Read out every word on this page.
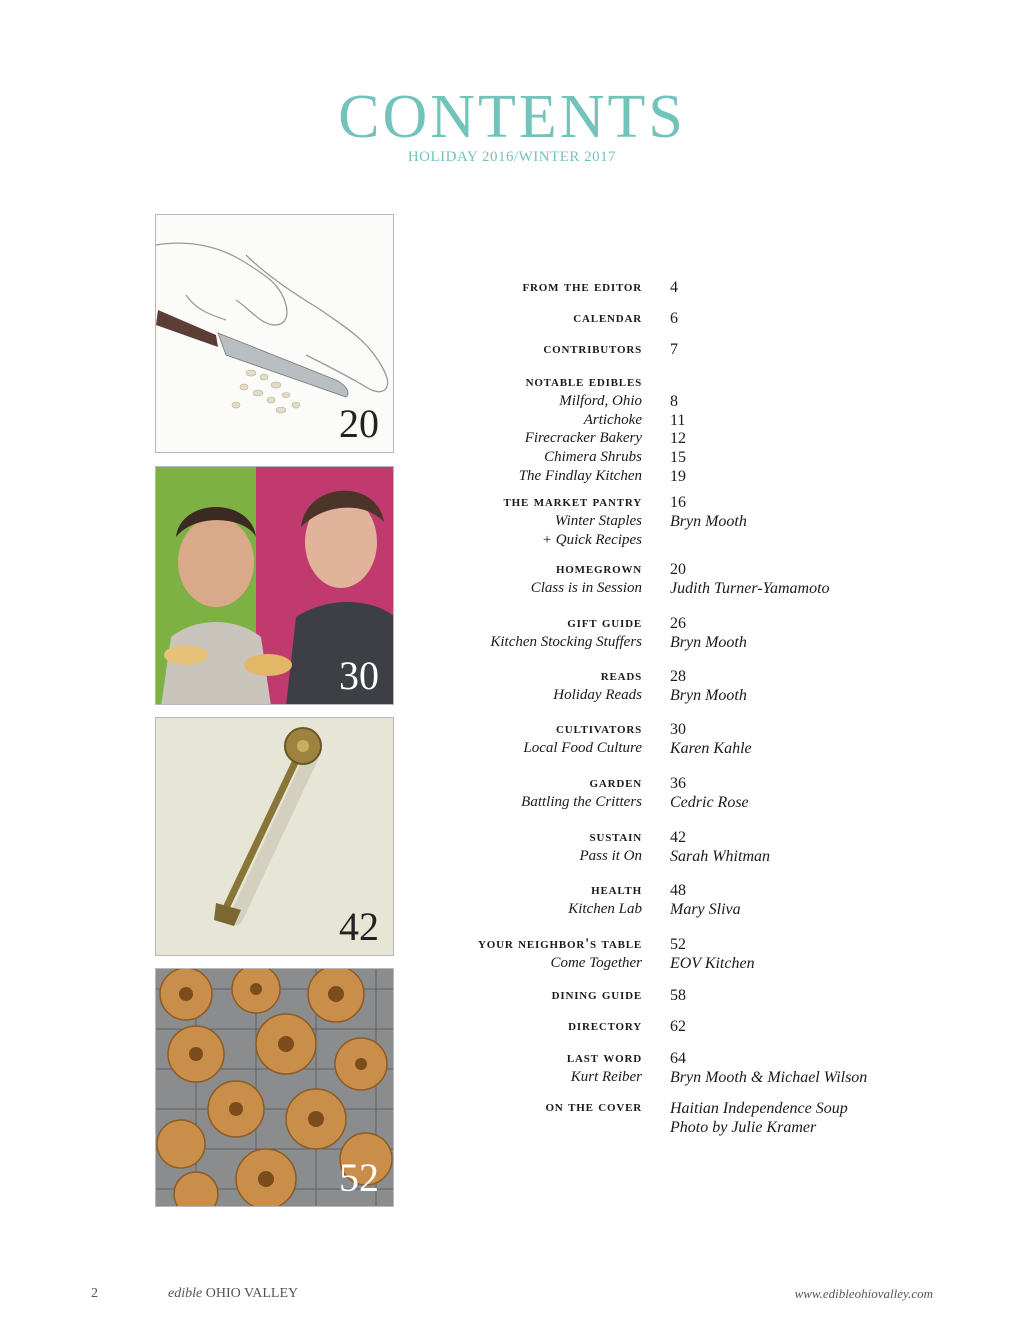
CONTENTS
HOLIDAY 2016/WINTER 2017
20
30
42
52
from the editor 4
calendar 6
contributors 7
notable edibles
Milford, Ohio 8
Artichoke 11
Firecracker Bakery 12
Chimera Shrubs 15
The Findlay Kitchen 19
the market pantry 16
Winter Staples Bryn Mooth
+ Quick Recipes
homegrown 20
Class is in Session Judith Turner-Yamamoto
gift guide 26
Kitchen Stocking Stuffers Bryn Mooth
reads 28
Holiday Reads Bryn Mooth
cultivators 30
Local Food Culture Karen Kahle
garden 36
Battling the Critters Cedric Rose
sustain 42
Pass it On Sarah Whitman
health 48
Kitchen Lab Mary Sliva
your neighbor's table 52
Come Together EOV Kitchen
dining guide 58
directory 62
last word 64
Kurt Reiber Bryn Mooth & Michael Wilson
on the cover Haitian Independence Soup
Photo by Julie Kramer
2	edible OHIO VALLEY	www.edibleohiovalley.com
